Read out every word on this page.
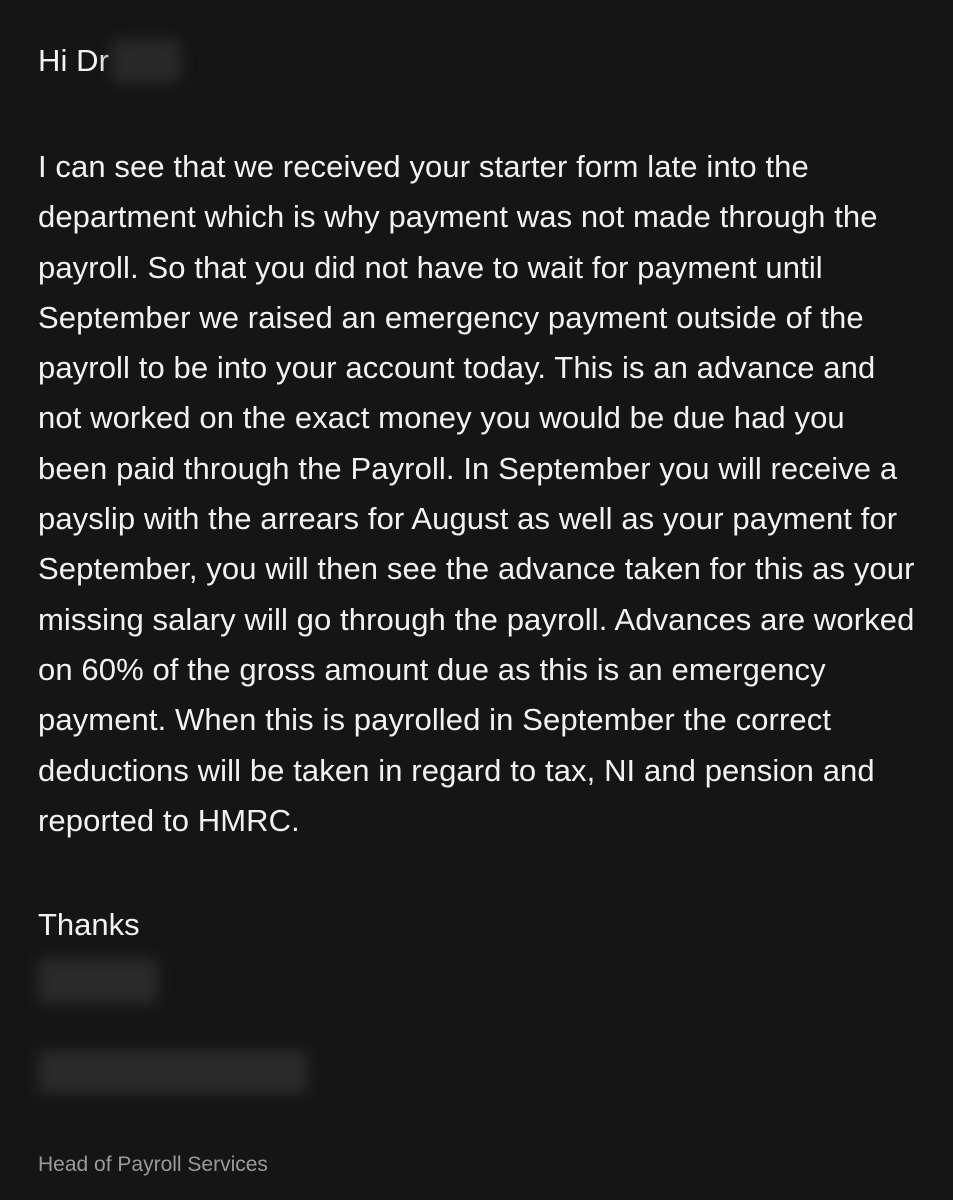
Hi Dr

I can see that we received your starter form late into the department which is why payment was not made through the payroll. So that you did not have to wait for payment until September we raised an emergency payment outside of the payroll to be into your account today. This is an advance and not worked on the exact money you would be due had you been paid through the Payroll. In September you will receive a payslip with the arrears for August as well as your payment for September, you will then see the advance taken for this as your missing salary will go through the payroll. Advances are worked on 60% of the gross amount due as this is an emergency payment. When this is payrolled in September the correct deductions will be taken in regard to tax, NI and pension and reported to HMRC.

Thanks

Head of Payroll Services
